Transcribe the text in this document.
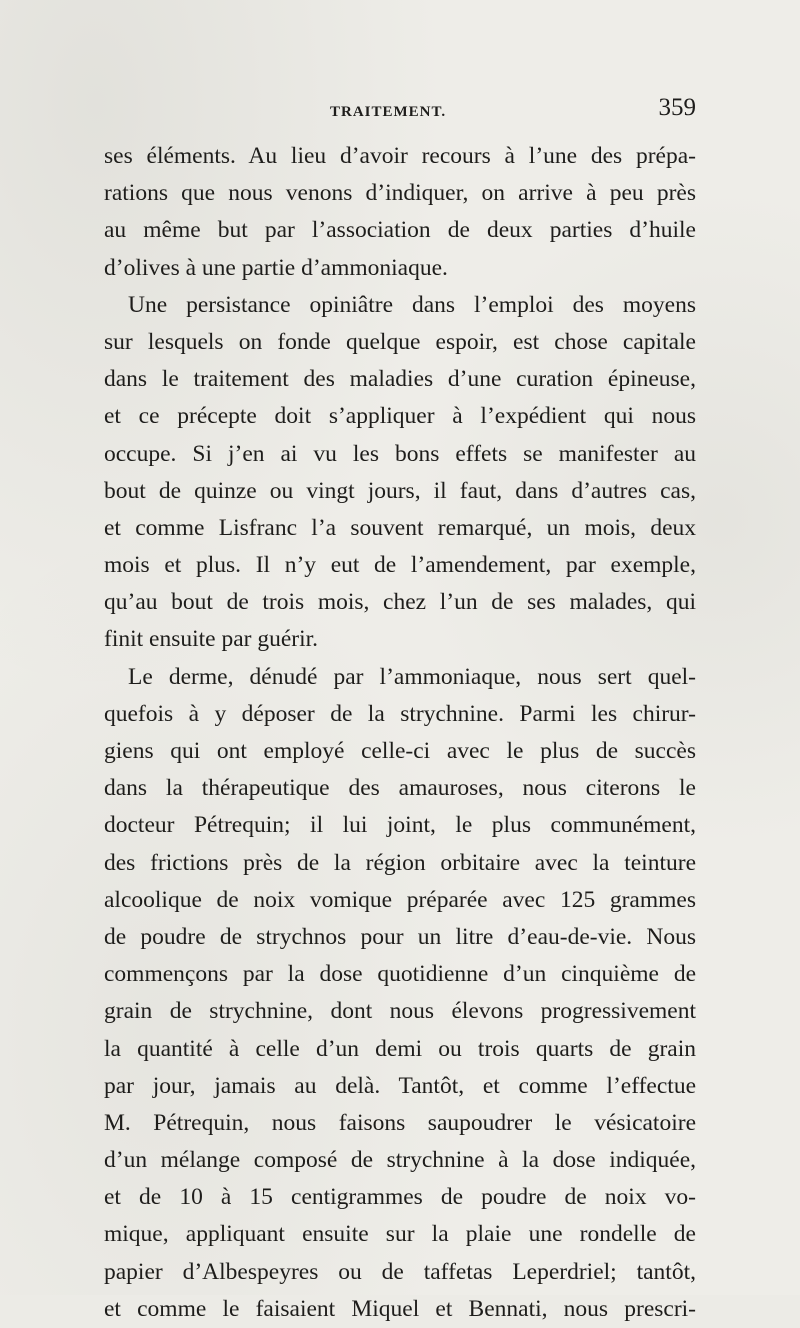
TRAITEMENT.	359
ses éléments. Au lieu d’avoir recours à l’une des prépa-
rations que nous venons d’indiquer, on arrive à peu près
au même but par l’association de deux parties d’huile
d’olives à une partie d’ammoniaque.
Une persistance opiniâtre dans l’emploi des moyens
sur lesquels on fonde quelque espoir, est chose capitale
dans le traitement des maladies d’une curation épineuse,
et ce précepte doit s’appliquer à l’expédient qui nous
occupe. Si j’en ai vu les bons effets se manifester au
bout de quinze ou vingt jours, il faut, dans d’autres cas,
et comme Lisfranc l’a souvent remarqué, un mois, deux
mois et plus. Il n’y eut de l’amendement, par exemple,
qu’au bout de trois mois, chez l’un de ses malades, qui
finit ensuite par guérir.
Le derme, dénudé par l’ammoniaque, nous sert quel-
quefois à y déposer de la strychnine. Parmi les chirur-
giens qui ont employé celle-ci avec le plus de succès
dans la thérapeutique des amauroses, nous citerons le
docteur Pétrequin; il lui joint, le plus communément,
des frictions près de la région orbitaire avec la teinture
alcoolique de noix vomique préparée avec 125 grammes
de poudre de strychnos pour un litre d’eau-de-vie. Nous
commençons par la dose quotidienne d’un cinquième de
grain de strychnine, dont nous élevons progressivement
la quantité à celle d’un demi ou trois quarts de grain
par jour, jamais au delà. Tantôt, et comme l’effectue
M. Pétrequin, nous faisons saupoudrer le vésicatoire
d’un mélange composé de strychnine à la dose indiquée,
et de 10 à 15 centigrammes de poudre de noix vo-
mique, appliquant ensuite sur la plaie une rondelle de
papier d’Albespeyres ou de taffetas Leperdriel; tantôt,
et comme le faisaient Miquel et Bennati, nous prescri-
